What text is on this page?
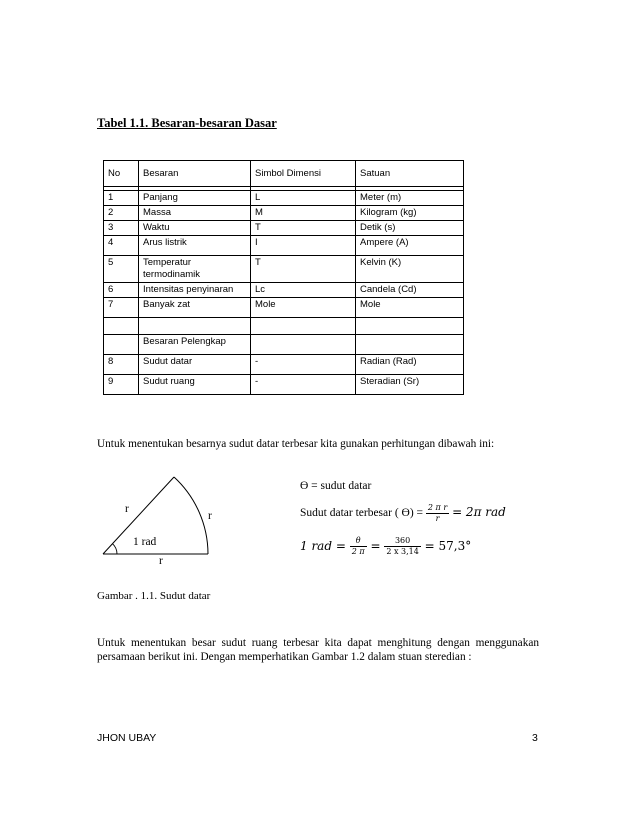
Tabel 1.1. Besaran-besaran Dasar
No	Besaran	Simbol Dimensi	Satuan

1	Panjang	L	Meter (m)
2	Massa	M	Kilogram (kg)
3	Waktu	T	Detik (s)
4	Arus listrik	I	Ampere (A)
5	Temperatur termodinamik	T	Kelvin (K)
6	Intensitas penyinaran	Lc	Candela (Cd)
7	Banyak zat	Mole	Mole

	Besaran Pelengkap		
8	Sudut datar	-	Radian (Rad)
9	Sudut ruang	-	Steradian (Sr)
Untuk menentukan besarnya sudut datar terbesar kita gunakan perhitungan dibawah ini:
r
r
r
1 rad
Ɵ = sudut datar
Sudut datar terbesar ( Ɵ) = $\frac{\text{2 π r}}{r} = 2\pi$ rad
1 rad = $\frac{\theta}{2 \pi} = \frac{360}{2 x 3,14} = 57,3^\circ$
Gambar . 1.1. Sudut datar
Untuk menentukan besar sudut ruang terbesar kita dapat menghitung dengan menggunakan persamaan berikut ini. Dengan memperhatikan Gambar 1.2 dalam stuan steredian :
JHON UBAY	3
